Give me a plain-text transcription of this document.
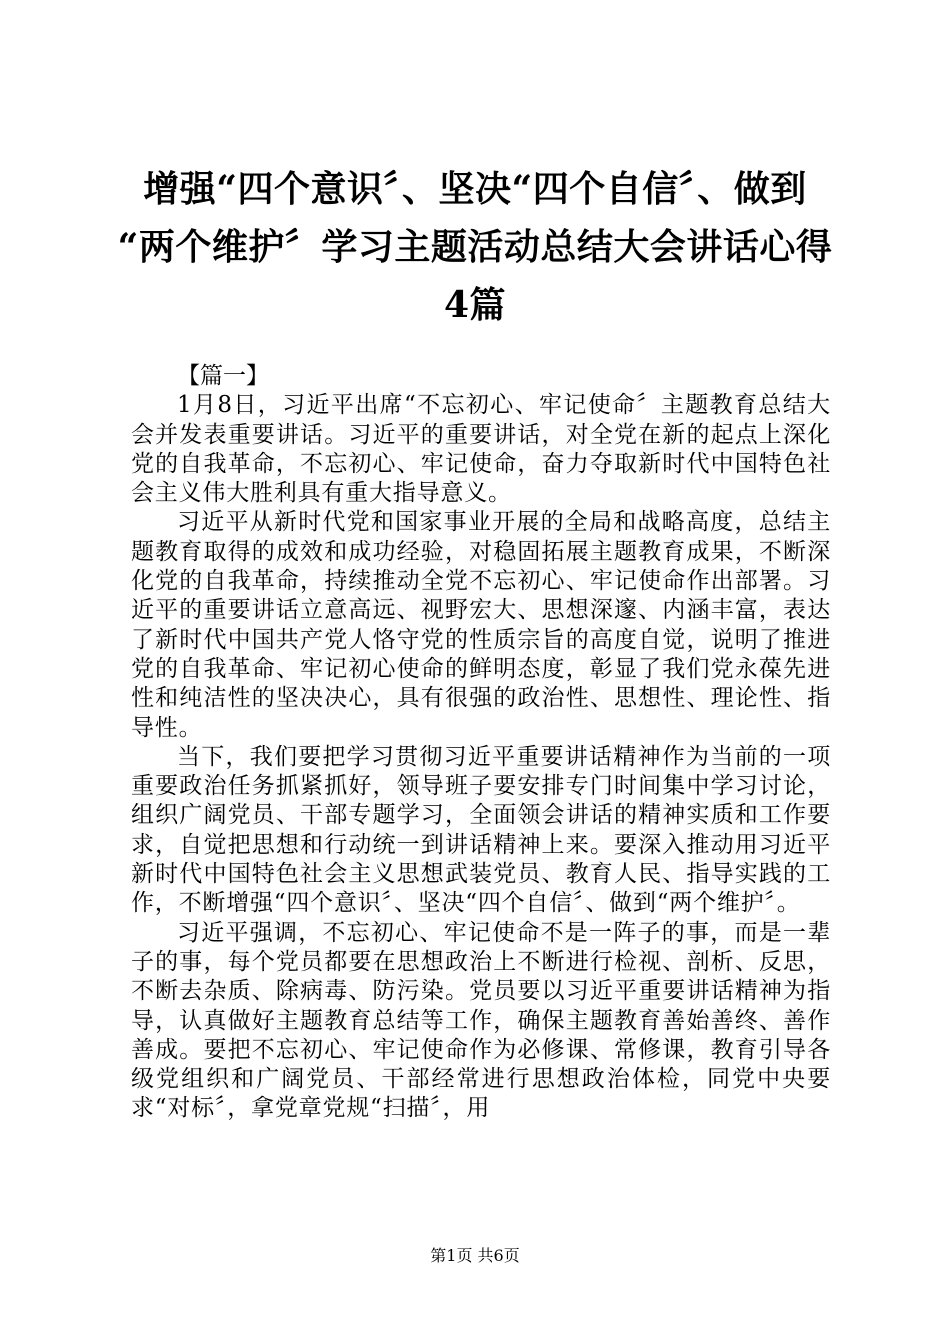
增强“四个意识〞、坚决“四个自信〞、做到
“两个维护〞学习主题活动总结大会讲话心得
4篇

【篇一】

1月8日，习近平出席“不忘初心、牢记使命〞主题教育总结大会并发表重要讲话。习近平的重要讲话，对全党在新的起点上深化党的自我革命，不忘初心、牢记使命，奋力夺取新时代中国特色社会主义伟大胜利具有重大指导意义。

习近平从新时代党和国家事业开展的全局和战略高度，总结主题教育取得的成效和成功经验，对稳固拓展主题教育成果，不断深化党的自我革命，持续推动全党不忘初心、牢记使命作出部署。习近平的重要讲话立意高远、视野宏大、思想深邃、内涵丰富，表达了新时代中国共产党人恪守党的性质宗旨的高度自觉，说明了推进党的自我革命、牢记初心使命的鲜明态度，彰显了我们党永葆先进性和纯洁性的坚决决心，具有很强的政治性、思想性、理论性、指导性。

当下，我们要把学习贯彻习近平重要讲话精神作为当前的一项重要政治任务抓紧抓好，领导班子要安排专门时间集中学习讨论，组织广阔党员、干部专题学习，全面领会讲话的精神实质和工作要求，自觉把思想和行动统一到讲话精神上来。要深入推动用习近平新时代中国特色社会主义思想武装党员、教育人民、指导实践的工作，不断增强“四个意识〞、坚决“四个自信〞、做到“两个维护〞。

习近平强调，不忘初心、牢记使命不是一阵子的事，而是一辈子的事，每个党员都要在思想政治上不断进行检视、剖析、反思，不断去杂质、除病毒、防污染。党员要以习近平重要讲话精神为指导，认真做好主题教育总结等工作，确保主题教育善始善终、善作善成。要把不忘初心、牢记使命作为必修课、常修课，教育引导各级党组织和广阔党员、干部经常进行思想政治体检，同党中央要求“对标〞，拿党章党规“扫描〞，用

第1页 共6页
